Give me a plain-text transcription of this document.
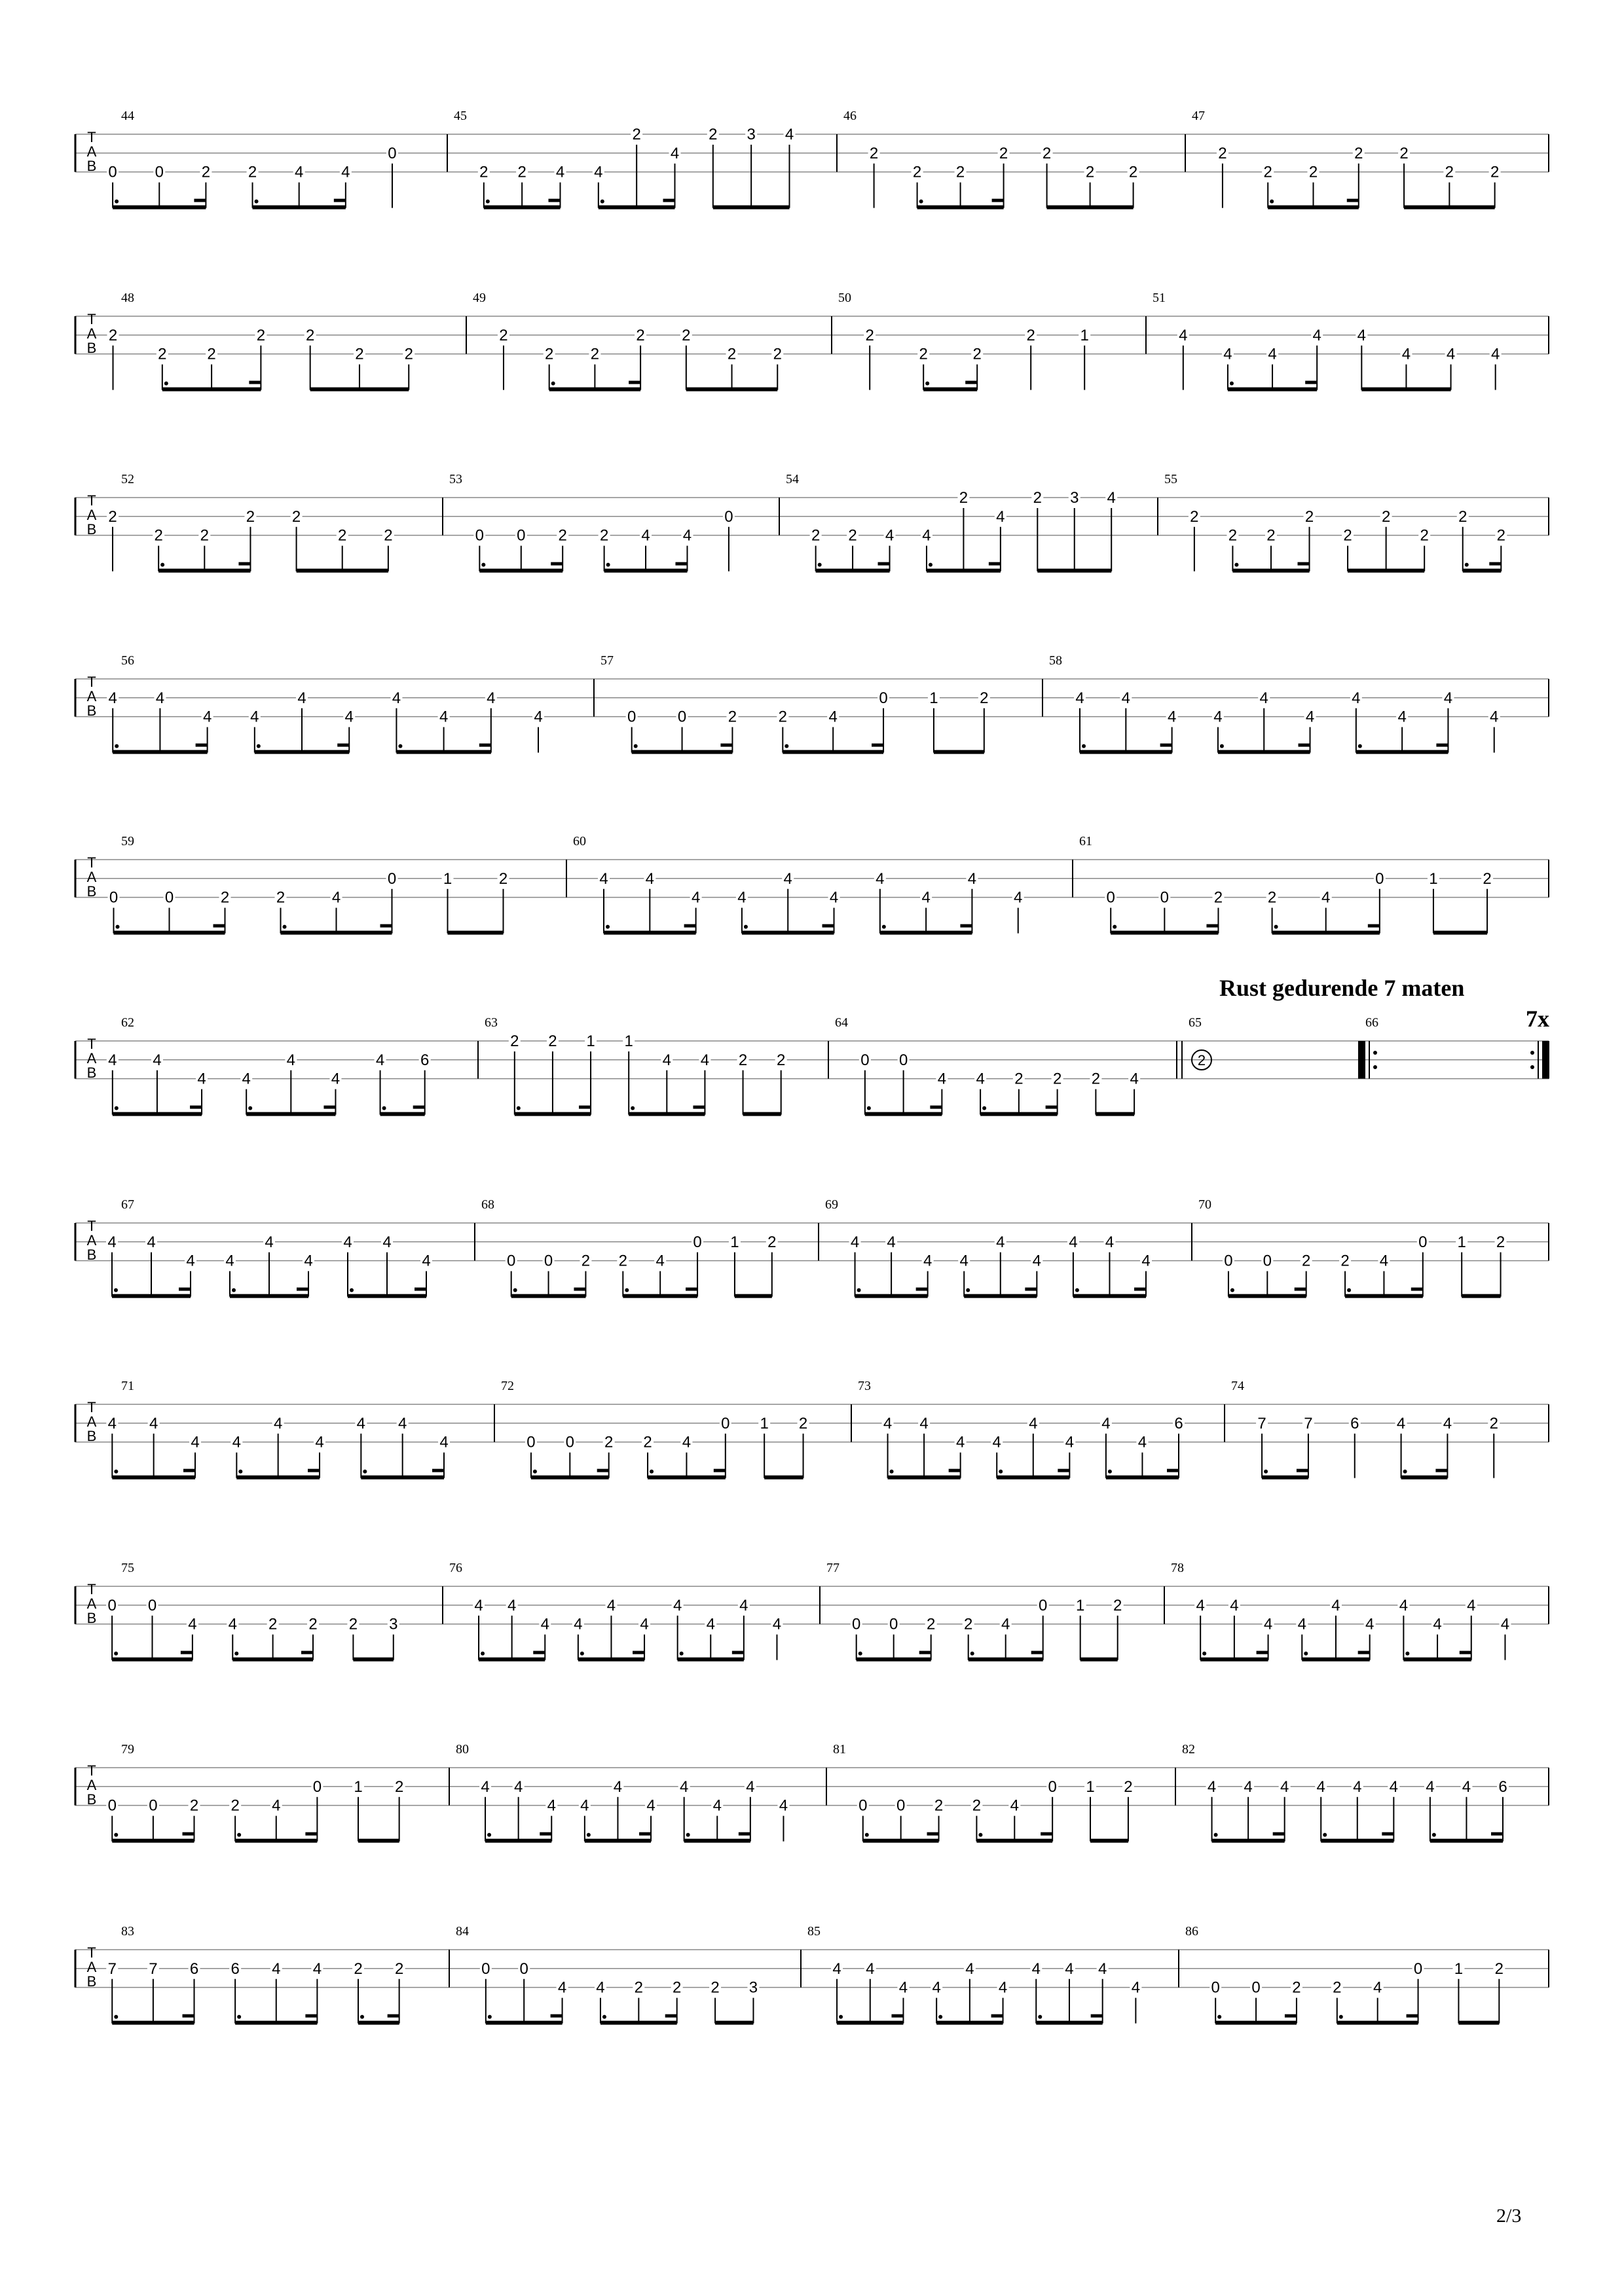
T
A
B
44
0 0 2 2 4 4
0
45
2 2 4 4
2
4
2 3 4
46
2
2 2
2 2
2 2
47
2
2 2
2 2
2 2
T
A
B
48
2
2	2
2	2
2	2
49
2
2 2
2 2
2 2
50
2
2	2
2	1
51
4
4 4
4 4
4 4 4
T
A
B
52
2
2 2
2 2
2 2
53
0 0 2 2 4 4
0
54
2 2 4 4
2
4
2 3 4
55
2
2 2
2
2
2
2
2
2
T
A
B
56
4 4
4 4
4
4
4
4
4
4
57
0	0	2	2	4
0	1	2
58
4 4
4 4
4
4
4
4
4
4
T
A
B
59
0	0	2	2	4
0	1	2
60
4 4
4 4
4
4
4
4
4
4
61
0	0	2	2	4
0	1	2
T
A
B
62
4 4
4 4
4
4
4 6
63
2 2 1 1
4 4 2 2
64
0 0
4 4 2 2 2 4
65
2
66
T
A
B
67
4 4
4 4
4
4
4 4
4
68
0 0 2 2 4
0 1 2
69
4 4
4 4
4
4
4 4
4
70
0 0 2 2 4
0 1 2
T
A
B
71
4 4
4 4
4
4
4 4
4
72
0 0 2 2 4
0 1 2
73
4 4
4 4
4
4
4
4
6
74
7 7 6 4 4 2
T
A
B
75
0 0
4 4 2 2 2 3
76
4 4
4 4
4
4
4
4
4
4
77
0 0 2 2 4
0 1 2
78
4 4
4 4
4
4
4
4
4
4
T
A
B
79
0 0 2 2 4
0 1 2
80
4 4
4 4
4
4
4
4
4
4
81
0 0 2 2 4
0 1 2
82
4 4 4 4 4 4 4 4 6
T
A
B
83
7 7 6 6 4 4 2 2
84
0 0
4 4 2 2 2 3
85
4 4
4 4
4
4
4 4 4
4
86
0 0 2 2 4
0 1 2
Rust gedurende 7 maten
7x
2/3
